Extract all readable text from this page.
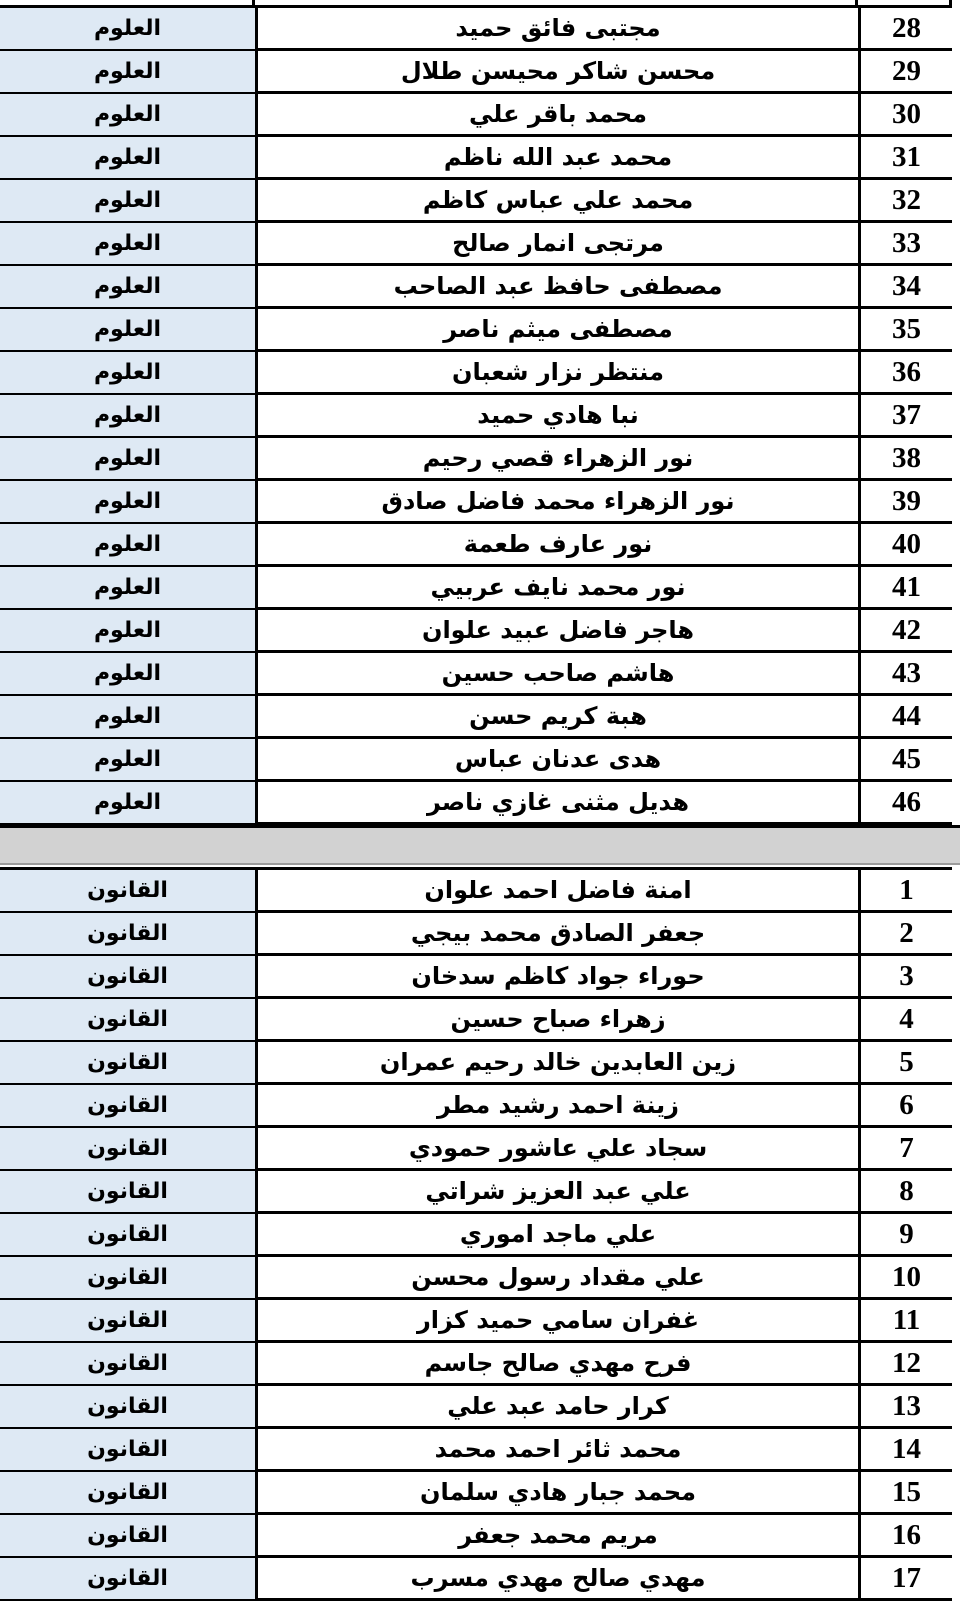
28
مجتبى فائق حميد
العلوم
29
محسن شاكر محيسن طلال
العلوم
30
محمد باقر علي
العلوم
31
محمد عبد الله ناظم
العلوم
32
محمد علي عباس كاظم
العلوم
33
مرتجى انمار صالح
العلوم
34
مصطفى حافظ عبد الصاحب
العلوم
35
مصطفى ميثم ناصر
العلوم
36
منتظر نزار شعبان
العلوم
37
نبا هادي حميد
العلوم
38
نور الزهراء قصي رحيم
العلوم
39
نور الزهراء محمد فاضل صادق
العلوم
40
نور عارف طعمة
العلوم
41
نور محمد نايف عربيي
العلوم
42
هاجر فاضل عبيد علوان
العلوم
43
هاشم صاحب حسين
العلوم
44
هبة كريم حسن
العلوم
45
هدى عدنان عباس
العلوم
46
هديل مثنى غازي ناصر
العلوم
1
امنة فاضل احمد علوان
القانون
2
جعفر الصادق محمد بيجي
القانون
3
حوراء جواد كاظم سدخان
القانون
4
زهراء صباح حسين
القانون
5
زين العابدين خالد رحيم عمران
القانون
6
زينة احمد رشيد مطر
القانون
7
سجاد علي عاشور حمودي
القانون
8
علي عبد العزيز شراتي
القانون
9
علي ماجد اموري
القانون
10
علي مقداد رسول محسن
القانون
11
غفران سامي حميد كزار
القانون
12
فرح مهدي صالح جاسم
القانون
13
كرار حامد عبد علي
القانون
14
محمد ثائر احمد محمد
القانون
15
محمد جبار هادي سلمان
القانون
16
مريم محمد جعفر
القانون
17
مهدي صالح مهدي مسرب
القانون
